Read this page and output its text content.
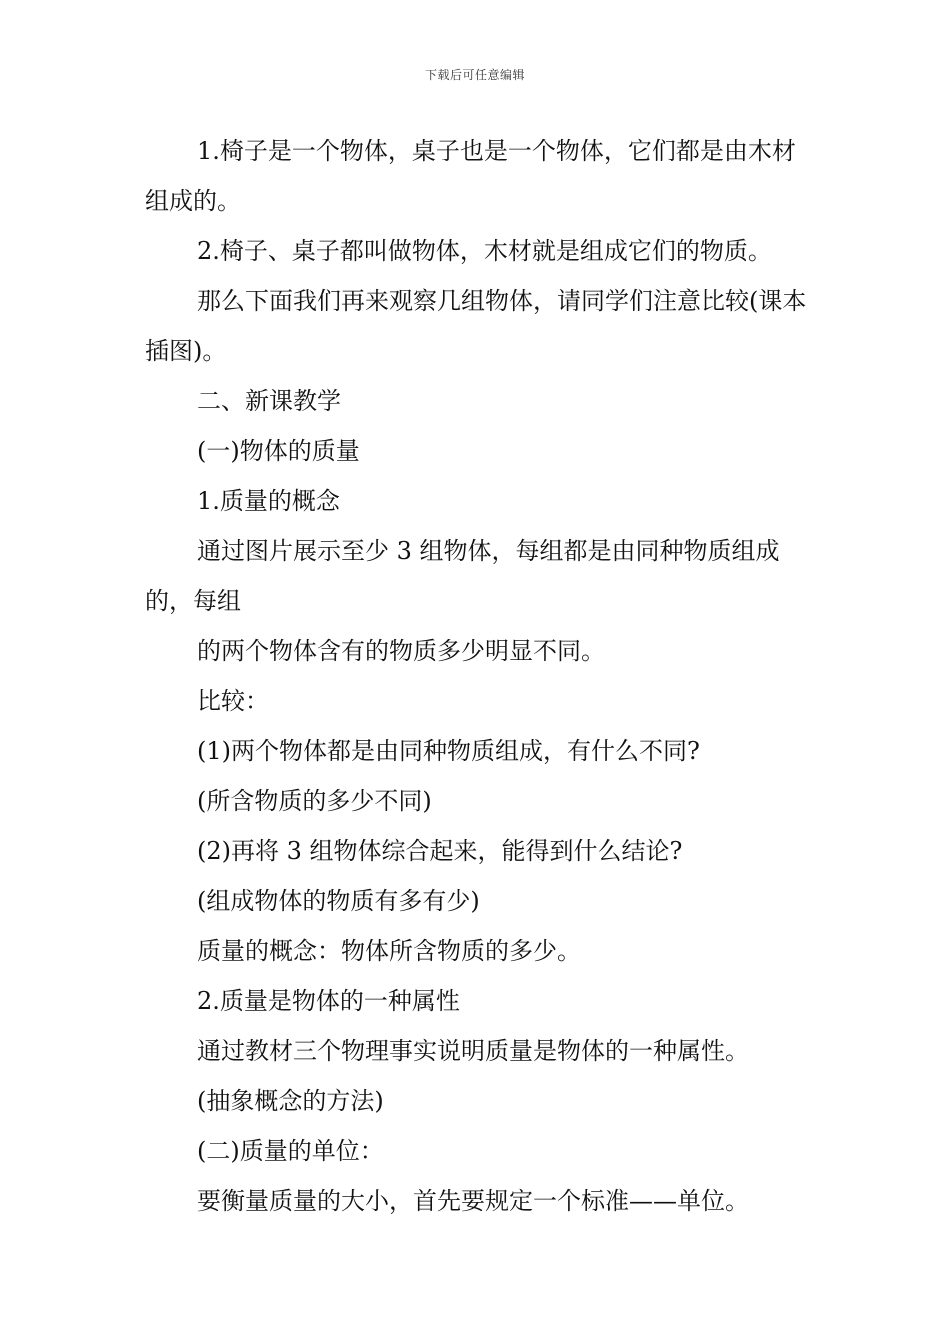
下载后可任意编辑

1.椅子是一个物体，桌子也是一个物体，它们都是由木材组成的。

2.椅子、桌子都叫做物体，木材就是组成它们的物质。

那么下面我们再来观察几组物体，请同学们注意比较(课本插图)。

二、新课教学

(一)物体的质量

1.质量的概念

通过图片展示至少 3 组物体，每组都是由同种物质组成的，每组

的两个物体含有的物质多少明显不同。

比较：

(1)两个物体都是由同种物质组成，有什么不同?

(所含物质的多少不同)

(2)再将 3 组物体综合起来，能得到什么结论?

(组成物体的物质有多有少)

质量的概念：物体所含物质的多少。

2.质量是物体的一种属性

通过教材三个物理事实说明质量是物体的一种属性。

(抽象概念的方法)

(二)质量的单位：

要衡量质量的大小，首先要规定一个标准——单位。
